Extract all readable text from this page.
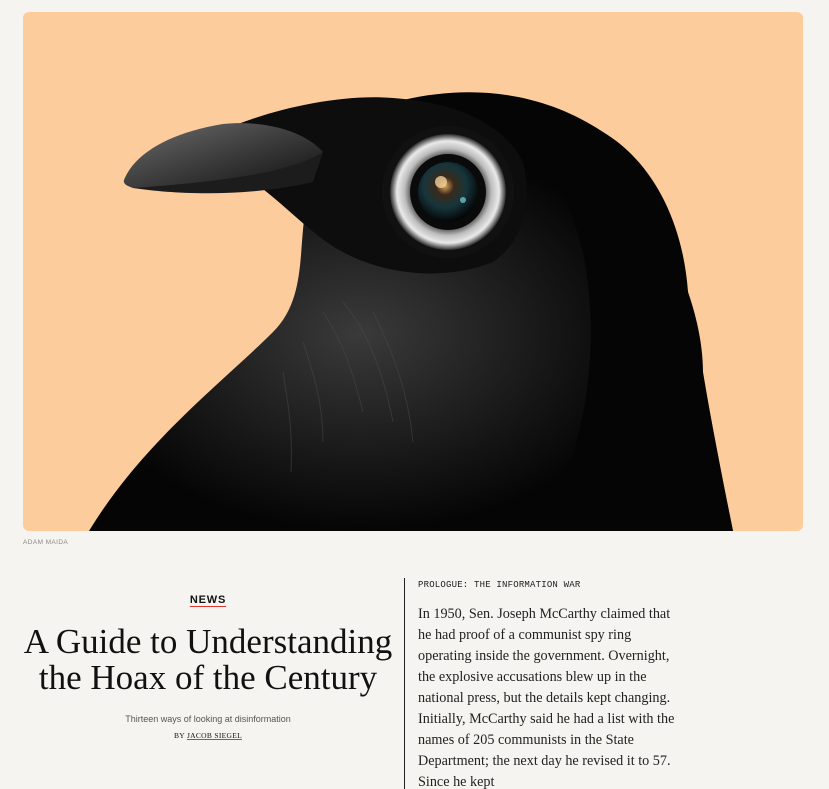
ADAM MAIDA
NEWS
A Guide to Understanding the Hoax of the Century
Thirteen ways of looking at disinformation
BY JACOB SIEGEL
PROLOGUE: THE INFORMATION WAR

In 1950, Sen. Joseph McCarthy claimed that he had proof of a communist spy ring operating inside the government. Overnight, the explosive accusations blew up in the national press, but the details kept changing. Initially, McCarthy said he had a list with the names of 205 communists in the State Department; the next day he revised it to 57. Since he kept
